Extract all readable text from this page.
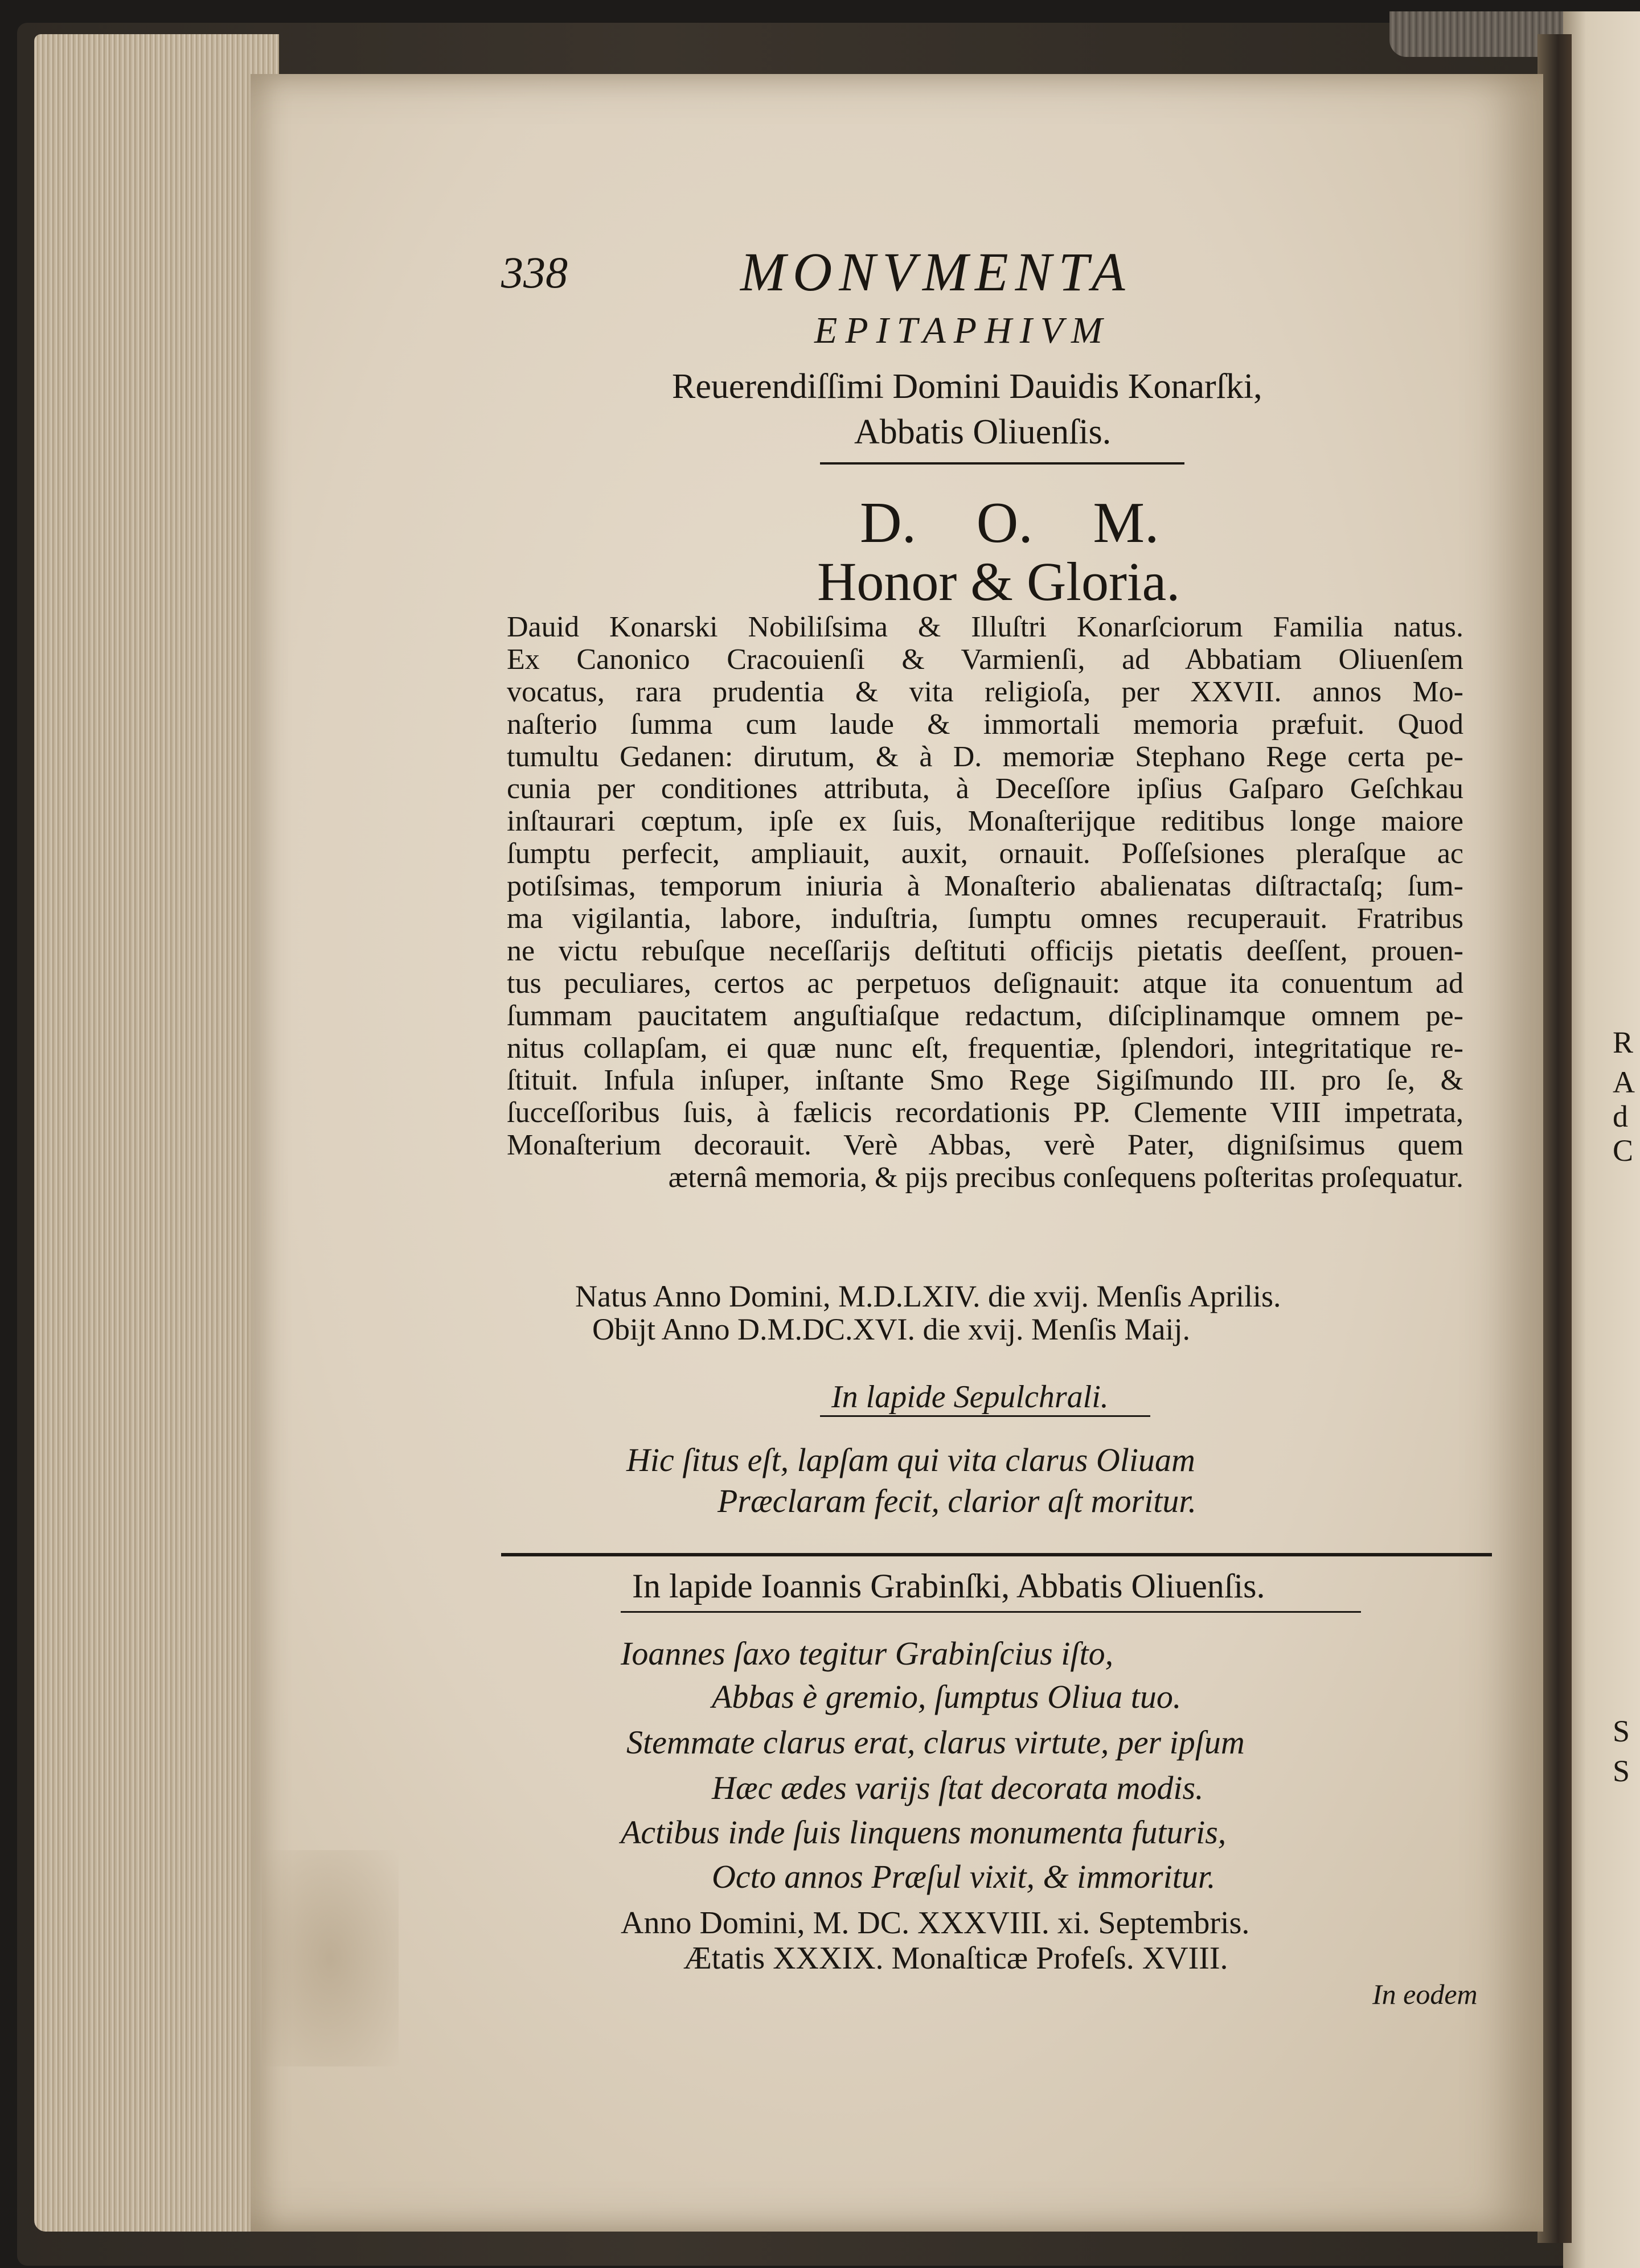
338	MONVMENTA
EPITAPHIVM
Reuerendiſſimi Domini Dauidis Konarſki,
Abbatis Oliuenſis.
D. O. M.
Honor & Gloria.
Dauid Konarski Nobiliſsima & Illuſtri Konarſciorum Familia natus.
Ex Canonico Cracouienſi & Varmienſi, ad Abbatiam Oliuenſem
vocatus, rara prudentia & vita religioſa, per XXVII. annos Mo-
naſterio ſumma cum laude & immortali memoria præfuit. Quod
tumultu Gedanen: dirutum, & à D. memoriæ Stephano Rege certa pe-
cunia per conditiones attributa, à Deceſſore ipſius Gaſparo Geſchkau
inſtaurari cœptum, ipſe ex ſuis, Monaſterijque reditibus longe maiore
ſumptu perfecit, ampliauit, auxit, ornauit. Poſſeſsiones pleraſque ac
potiſsimas, temporum iniuria à Monaſterio abalienatas diſtractaſq; ſum-
ma vigilantia, labore, induſtria, ſumptu omnes recuperauit. Fratribus
ne victu rebuſque neceſſarijs deſtituti officijs pietatis deeſſent, prouen-
tus peculiares, certos ac perpetuos deſignauit: atque ita conuentum ad
ſummam paucitatem anguſtiaſque redactum, diſciplinamque omnem pe-
nitus collapſam, ei quæ nunc eſt, frequentiæ, ſplendori, integritatique re-
ſtituit. Infula inſuper, inſtante Smo Rege Sigiſmundo III. pro ſe, &
ſucceſſoribus ſuis, à fælicis recordationis PP. Clemente VIII impetrata,
Monaſterium decorauit. Verè Abbas, verè Pater, digniſsimus quem
æternâ memoria, & pijs precibus conſequens poſteritas proſequatur.
Natus Anno Domini, M.D.LXIV. die xvij. Menſis Aprilis.
Obijt Anno D.M.DC.XVI. die xvij. Menſis Maij.
In lapide Sepulchrali.
Hic ſitus eſt, lapſam qui vita clarus Oliuam
Præclaram fecit, clarior aſt moritur.
In lapide Ioannis Grabinſki, Abbatis Oliuenſis.
Ioannes ſaxo tegitur Grabinſcius iſto,
Abbas è gremio, ſumptus Oliua tuo.
Stemmate clarus erat, clarus virtute, per ipſum
Hæc ædes varijs ſtat decorata modis.
Actibus inde ſuis linquens monumenta futuris,
Octo annos Præſul vixit, & immoritur.
Anno Domini, M. DC. XXXVIII. xi. Septembris.
Ætatis XXXIX. Monaſticæ Profeſs. XVIII.
In eodem
R
A
d
C
S
S
